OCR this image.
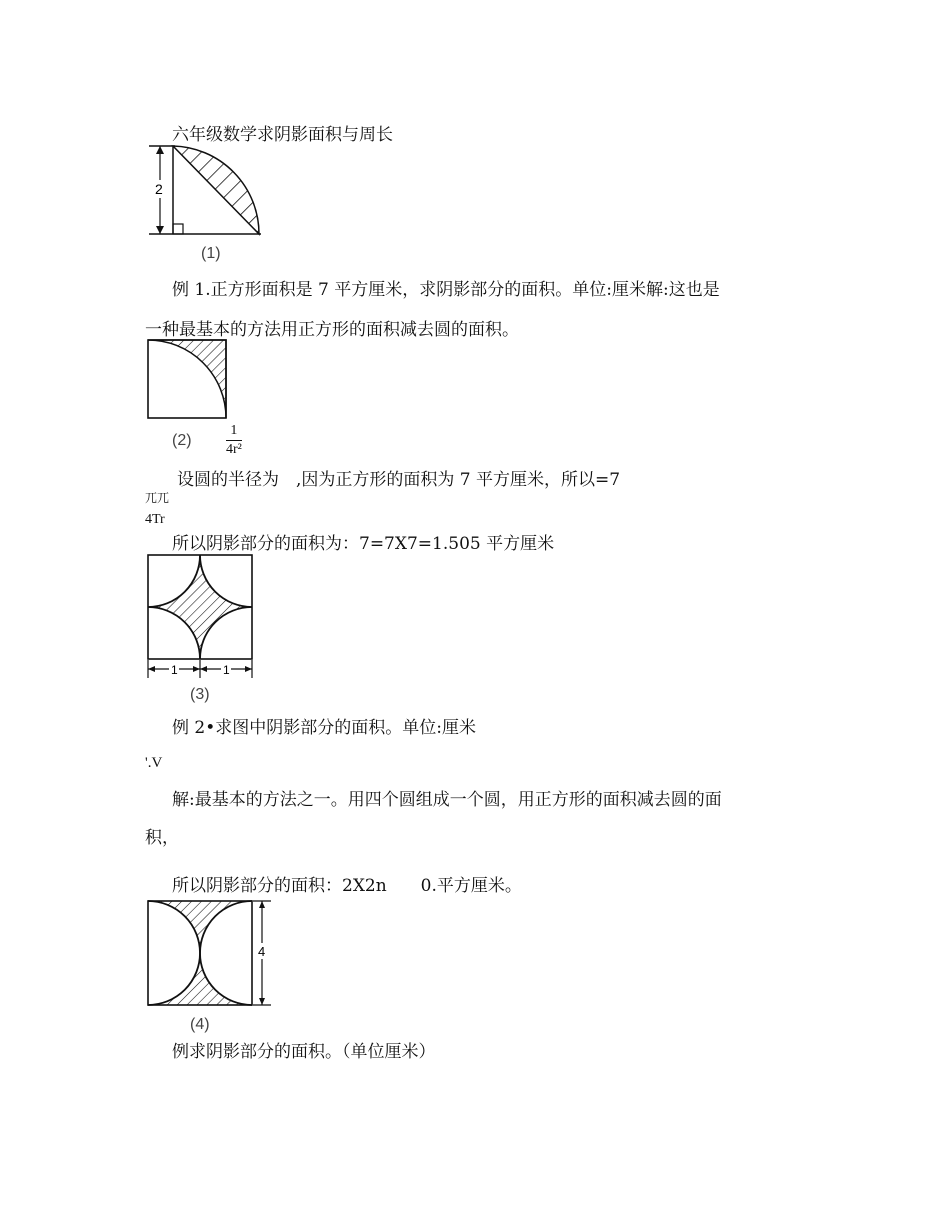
六年级数学求阴影面积与周长
2
(1)
例 1.正方形面积是 7 平方厘米，求阴影部分的面积。单位:厘米解:这也是
一种最基本的方法用正方形的面积减去圆的面积。
(2)
1
4r²
设圆的半径为　,因为正方形的面积为 7 平方厘米，所以=7
兀兀
4Tr
所以阴影部分的面积为：7=7X7=1.505 平方厘米
1	1
(3)
例 2•求图中阴影部分的面积。单位:厘米
'.V
解:最基本的方法之一。用四个圆组成一个圆，用正方形的面积减去圆的面
积，
所以阴影部分的面积：2X2n　　0.平方厘米。
4
(4)
例求阴影部分的面积。（单位厘米）
